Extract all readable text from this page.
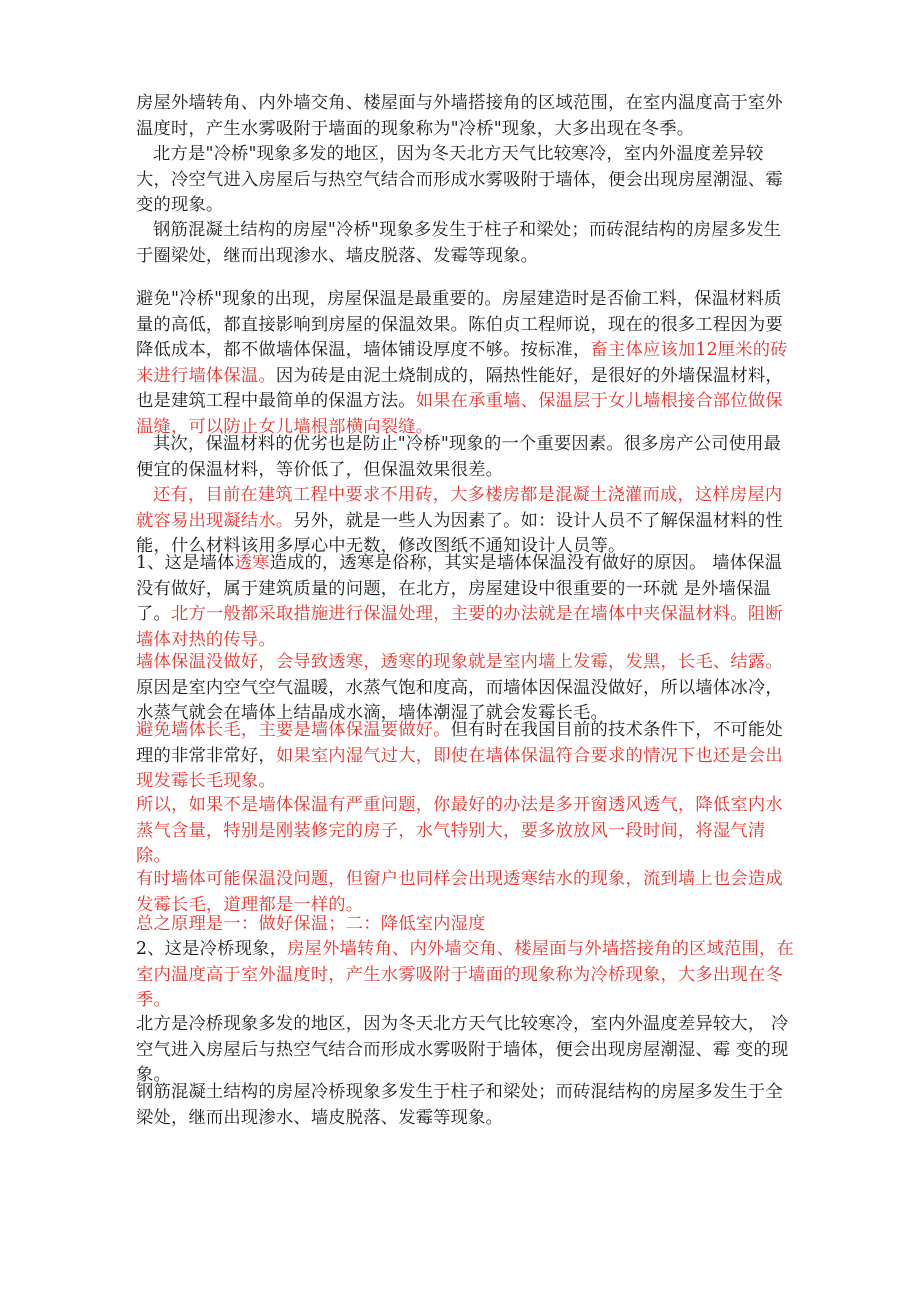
房屋外墙转角、内外墙交角、楼屋面与外墙搭接角的区域范围，在室内温度高于室外温度时，产生水雾吸附于墙面的现象称为"冷桥"现象，大多出现在冬季。

北方是"冷桥"现象多发的地区，因为冬天北方天气比较寒冷，室内外温度差异较大，冷空气进入房屋后与热空气结合而形成水雾吸附于墙体，便会出现房屋潮湿、霉变的现象。

钢筋混凝土结构的房屋"冷桥"现象多发生于柱子和梁处；而砖混结构的房屋多发生于圈梁处，继而出现渗水、墙皮脱落、发霉等现象。

避免"冷桥"现象的出现，房屋保温是最重要的。房屋建造时是否偷工料，保温材料质量的高低，都直接影响到房屋的保温效果。陈伯贞工程师说，现在的很多工程因为要降低成本，都不做墙体保温，墙体铺设厚度不够。按标准，畜主体应该加12厘米的砖来进行墙体保温。因为砖是由泥土烧制成的，隔热性能好，是很好的外墙保温材料，也是建筑工程中最简单的保温方法。如果在承重墙、保温层于女儿墙根接合部位做保温缝，可以防止女儿墙根部横向裂缝。

其次，保温材料的优劣也是防止"冷桥"现象的一个重要因素。很多房产公司使用最便宜的保温材料，等价低了，但保温效果很差。

还有，目前在建筑工程中要求不用砖，大多楼房都是混凝土浇灌而成，这样房屋内就容易出现凝结水。另外，就是一些人为因素了。如：设计人员不了解保温材料的性能，什么材料该用多厚心中无数，修改图纸不通知设计人员等。

1、这是墙体透寒造成的，透寒是俗称，其实是墙体保温没有做好的原因。 墙体保温没有做好，属于建筑质量的问题，在北方，房屋建设中很重要的一环就 是外墙保温了。北方一般都采取措施进行保温处理，主要的办法就是在墙体中夹保温材料。阻断墙体对热的传导。

墙体保温没做好，会导致透寒，透寒的现象就是室内墙上发霉，发黑，长毛、结露。原因是室内空气空气温暖，水蒸气饱和度高，而墙体因保温没做好，所以墙体冰冷，水蒸气就会在墙体上结晶成水滴，墙体潮湿了就会发霉长毛。

避免墙体长毛，主要是墙体保温要做好。但有时在我国目前的技术条件下，不可能处理的非常非常好，如果室内湿气过大，即使在墙体保温符合要求的情况下也还是会出现发霉长毛现象。

所以，如果不是墙体保温有严重问题，你最好的办法是多开窗透风透气，降低室内水蒸气含量，特别是刚装修完的房子，水气特别大，要多放放风一段时间，将湿气清除。

有时墙体可能保温没问题，但窗户也同样会出现透寒结水的现象，流到墙上也会造成发霉长毛，道理都是一样的。

总之原理是一：做好保温；二：降低室内湿度

2、这是冷桥现象，房屋外墙转角、内外墙交角、楼屋面与外墙搭接角的区域范围，在室内温度高于室外温度时，产生水雾吸附于墙面的现象称为冷桥现象，大多出现在冬季。

北方是冷桥现象多发的地区，因为冬天北方天气比较寒冷，室内外温度差异较大， 冷空气进入房屋后与热空气结合而形成水雾吸附于墙体，便会出现房屋潮湿、霉 变的现象。

钢筋混凝土结构的房屋冷桥现象多发生于柱子和梁处；而砖混结构的房屋多发生于全梁处，继而出现渗水、墙皮脱落、发霉等现象。
